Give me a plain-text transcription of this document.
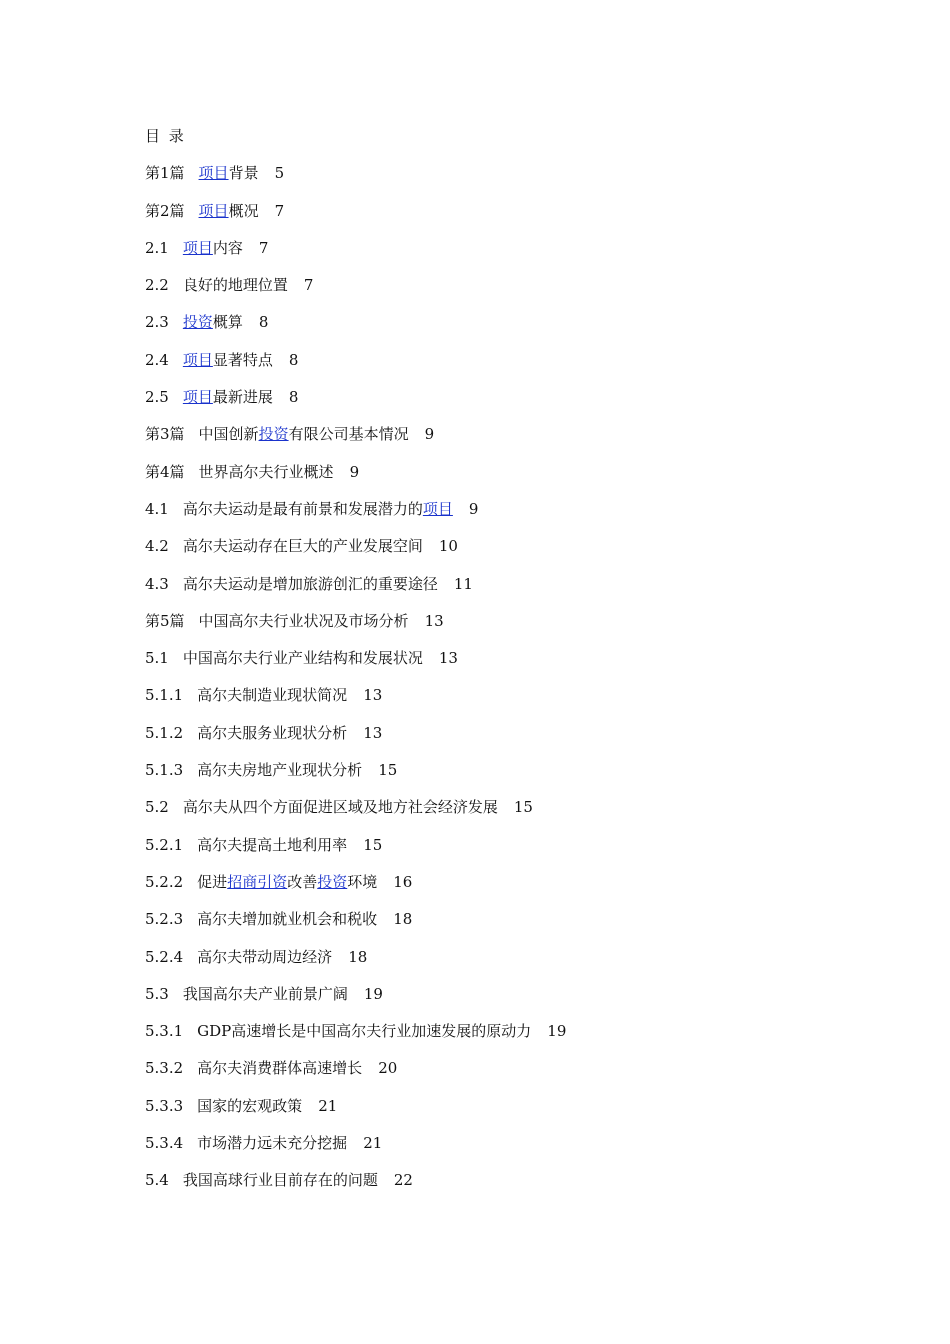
目 录
第1篇 项目背景 5
第2篇 项目概况 7
2.1 项目内容 7
2.2 良好的地理位置 7
2.3 投资概算 8
2.4 项目显著特点 8
2.5 项目最新进展 8
第3篇 中国创新投资有限公司基本情况 9
第4篇 世界高尔夫行业概述 9
4.1 高尔夫运动是最有前景和发展潜力的项目 9
4.2 高尔夫运动存在巨大的产业发展空间 10
4.3 高尔夫运动是增加旅游创汇的重要途径 11
第5篇 中国高尔夫行业状况及市场分析 13
5.1 中国高尔夫行业产业结构和发展状况 13
5.1.1 高尔夫制造业现状简况 13
5.1.2 高尔夫服务业现状分析 13
5.1.3 高尔夫房地产业现状分析 15
5.2 高尔夫从四个方面促进区域及地方社会经济发展 15
5.2.1 高尔夫提高土地利用率 15
5.2.2 促进招商引资改善投资环境 16
5.2.3 高尔夫增加就业机会和税收 18
5.2.4 高尔夫带动周边经济 18
5.3 我国高尔夫产业前景广阔 19
5.3.1 GDP高速增长是中国高尔夫行业加速发展的原动力 19
5.3.2 高尔夫消费群体高速增长 20
5.3.3 国家的宏观政策 21
5.3.4 市场潜力远未充分挖掘 21
5.4 我国高球行业目前存在的问题 22
